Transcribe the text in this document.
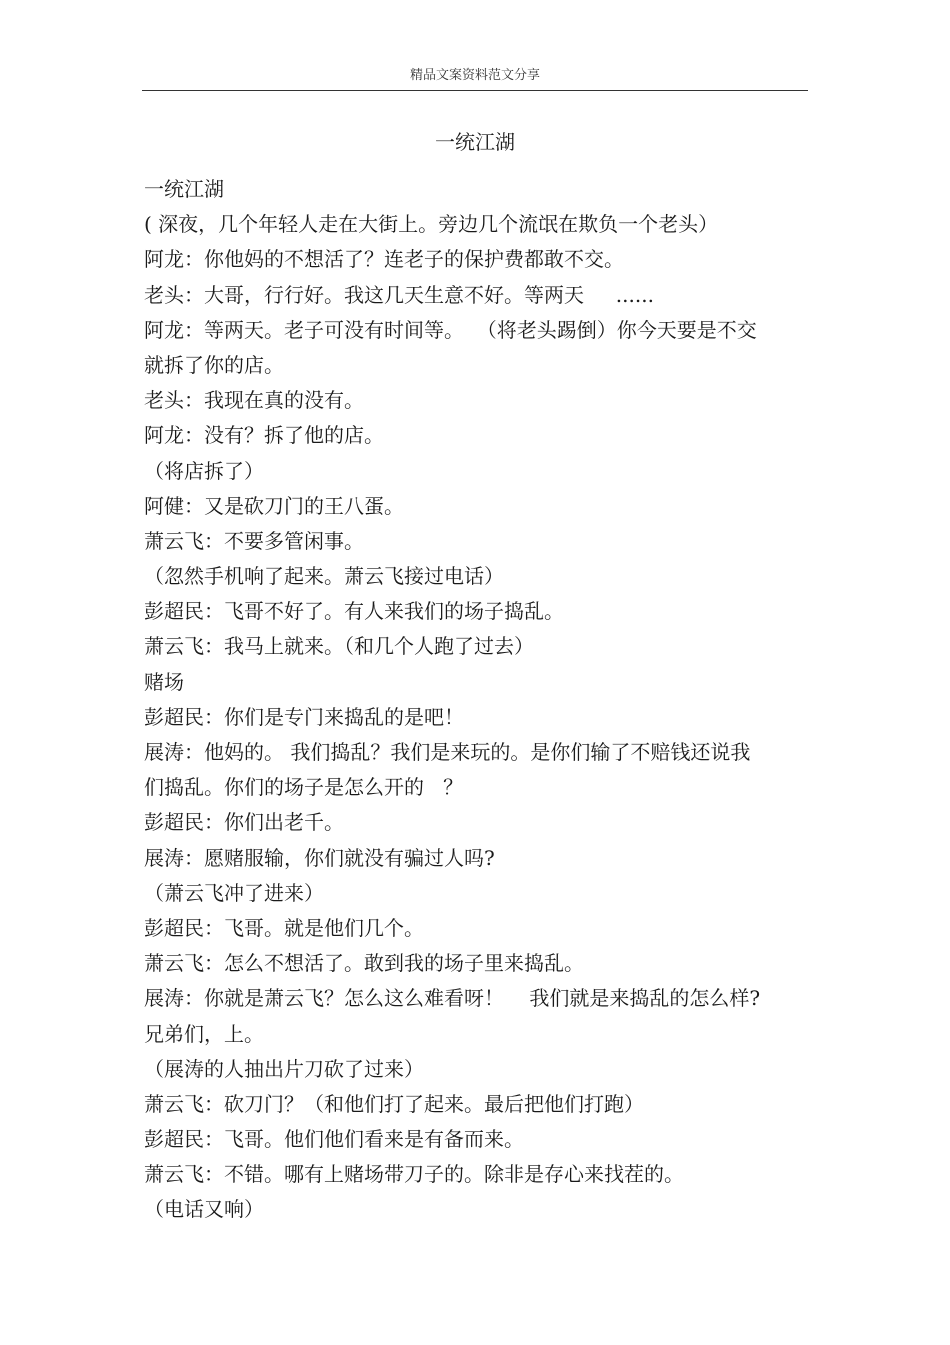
精品文案资料范文分享
一统江湖
一统江湖
( 深夜，几个年轻人走在大街上。旁边几个流氓在欺负一个老头）
阿龙：你他妈的不想活了？连老子的保护费都敢不交。
老头：大哥，行行好。我这几天生意不好。等两天     ......
阿龙：等两天。老子可没有时间等。  （将老头踢倒）你今天要是不交
就拆了你的店。
老头：我现在真的没有。
阿龙：没有？拆了他的店。
（将店拆了）
阿健：又是砍刀门的王八蛋。
萧云飞：不要多管闲事。
（忽然手机响了起来。萧云飞接过电话）
彭超民：飞哥不好了。有人来我们的场子捣乱。
萧云飞：我马上就来。（和几个人跑了过去）
赌场
彭超民：你们是专门来捣乱的是吧！
展涛：他妈的。 我们捣乱？我们是来玩的。是你们输了不赔钱还说我
们捣乱。你们的场子是怎么开的   ？
彭超民：你们出老千。
展涛：愿赌服输，你们就没有骗过人吗?
（萧云飞冲了进来）
彭超民：飞哥。就是他们几个。
萧云飞：怎么不想活了。敢到我的场子里来捣乱。
展涛：你就是萧云飞？怎么这么难看呀！    我们就是来捣乱的怎么样?
兄弟们，上。
（展涛的人抽出片刀砍了过来）
萧云飞：砍刀门？（和他们打了起来。最后把他们打跑）
彭超民：飞哥。他们他们看来是有备而来。
萧云飞：不错。哪有上赌场带刀子的。除非是存心来找茬的。
（电话又响）
